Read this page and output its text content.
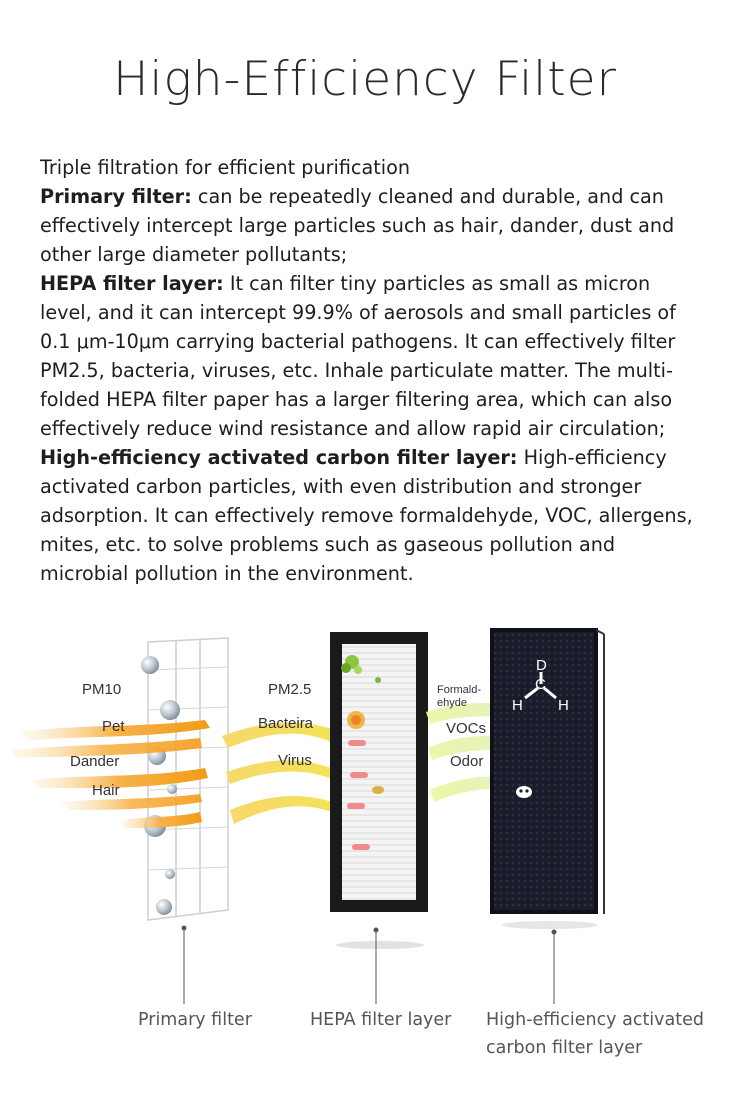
High-Efficiency Filter

Triple filtration for efficient purification

Primary filter: can be repeatedly cleaned and durable, and can effectively intercept large particles such as hair, dander, dust and other large diameter pollutants;

HEPA filter layer: It can filter tiny particles as small as micron level, and it can intercept 99.9% of aerosols and small particles of 0.1 μm-10μm carrying bacterial pathogens. It can effectively filter PM2.5, bacteria, viruses, etc. Inhale particulate matter. The multi-folded HEPA filter paper has a larger filtering area, which can also effectively reduce wind resistance and allow rapid air circulation;

High-efficiency activated carbon filter layer: High-efficiency activated carbon particles, with even distribution and stronger adsorption. It can effectively remove formaldehyde, VOC, allergens, mites, etc. to solve problems such as gaseous pollution and microbial pollution in the environment.

D
C
H H
PM10
Pet
Dander
Hair
PM2.5
Bacteira
Virus
Formald-
ehyde
VOCs
Odor
Primary filter	HEPA filter layer High-efficiency activated
carbon filter layer
